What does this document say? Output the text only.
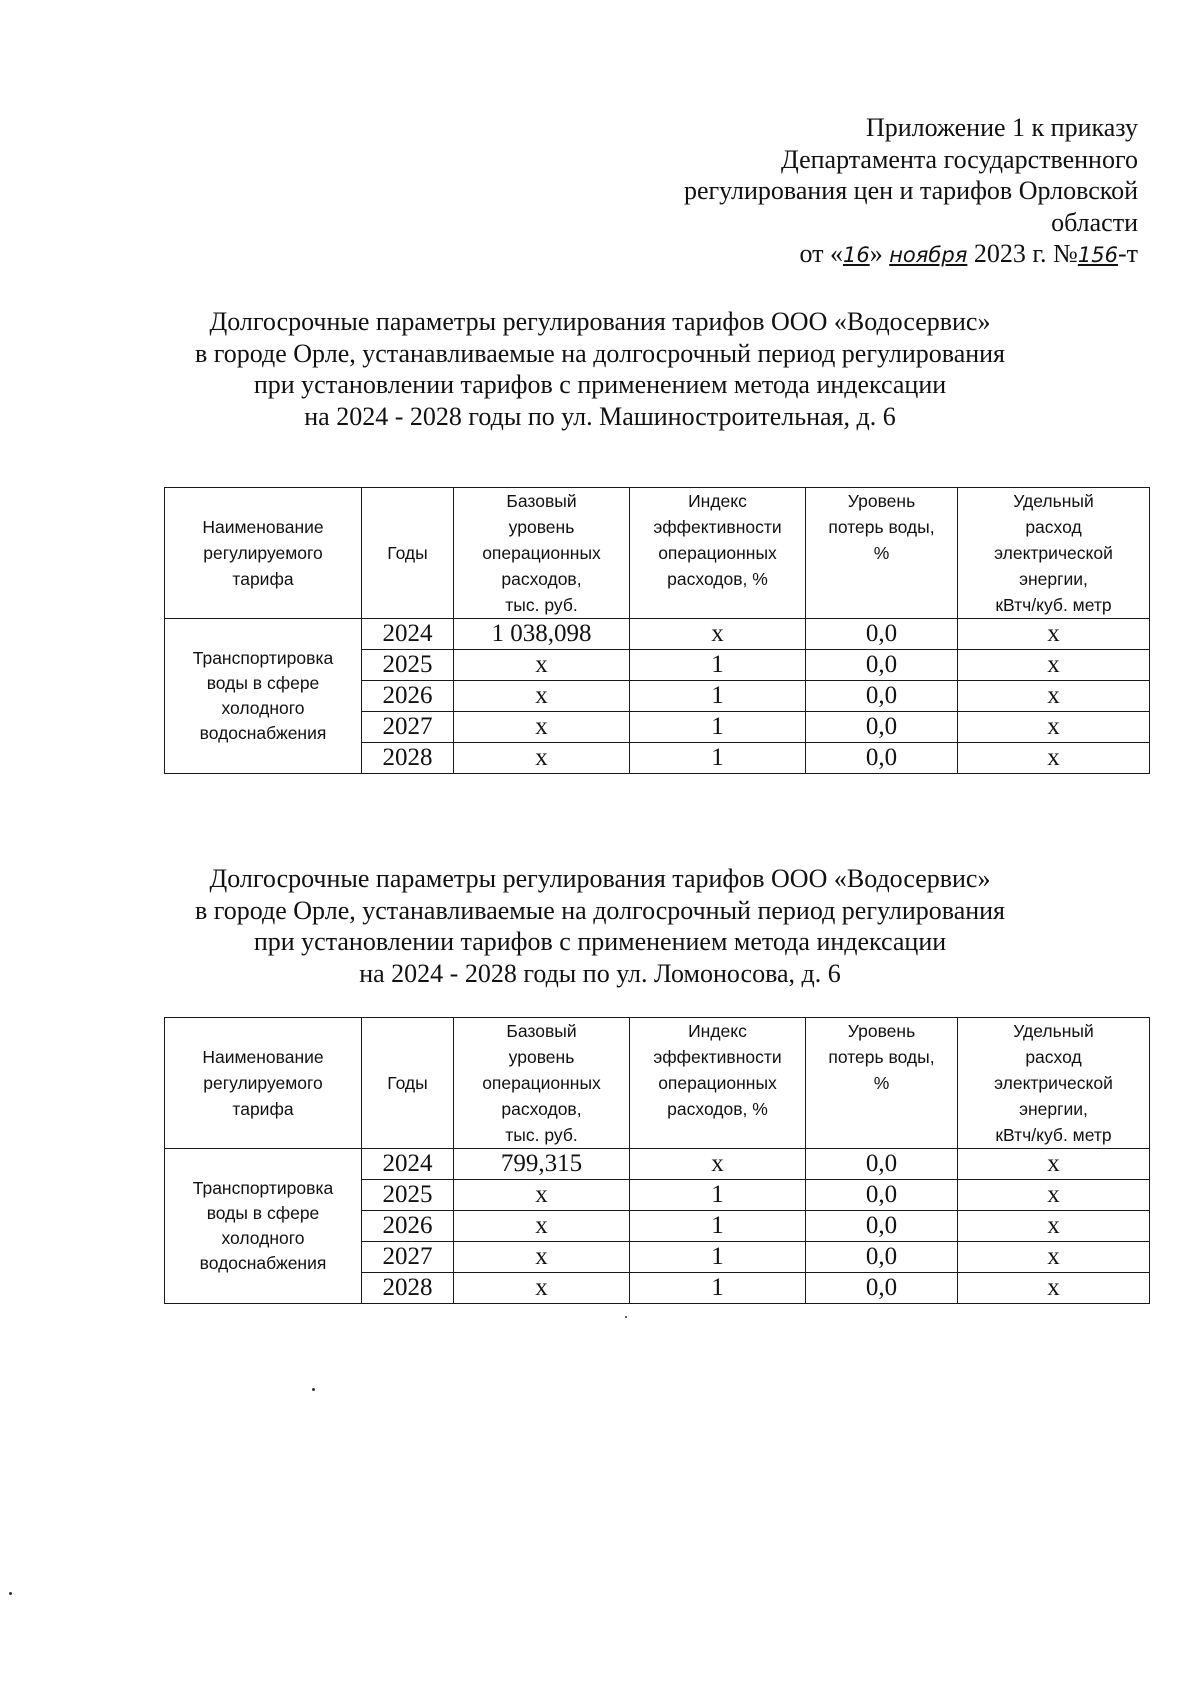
Приложение 1 к приказу
Департамента государственного
регулирования цен и тарифов Орловской
области
от «16» ноября 2023 г. №156-т
Долгосрочные параметры регулирования тарифов ООО «Водосервис»
в городе Орле, устанавливаемые на долгосрочный период регулирования
при установлении тарифов с применением метода индексации
на 2024 - 2028 годы по ул. Машиностроительная, д. 6
Наименование
регулируемого
тарифа	Годы	Базовый
уровень
операционных
расходов,
тыс. руб.	Индекс
эффективности
операционных
расходов, %	Уровень
потерь воды,
%	Удельный
расход
электрической
энергии,
кВтч/куб. метр

Транспортировка
воды в сфере
холодного
водоснабжения	2024	1 038,098	х	0,0	х
	2025	х	1	0,0	х
	2026	х	1	0,0	х
	2027	х	1	0,0	х
	2028	х	1	0,0	х
Долгосрочные параметры регулирования тарифов ООО «Водосервис»
в городе Орле, устанавливаемые на долгосрочный период регулирования
при установлении тарифов с применением метода индексации
на 2024 - 2028 годы по ул. Ломоносова, д. 6
Наименование
регулируемого
тарифа	Годы	Базовый
уровень
операционных
расходов,
тыс. руб.	Индекс
эффективности
операционных
расходов, %	Уровень
потерь воды,
%	Удельный
расход
электрической
энергии,
кВтч/куб. метр

Транспортировка
воды в сфере
холодного
водоснабжения	2024	799,315	х	0,0	х
	2025	х	1	0,0	х
	2026	х	1	0,0	х
	2027	х	1	0,0	х
	2028	х	1	0,0	х
